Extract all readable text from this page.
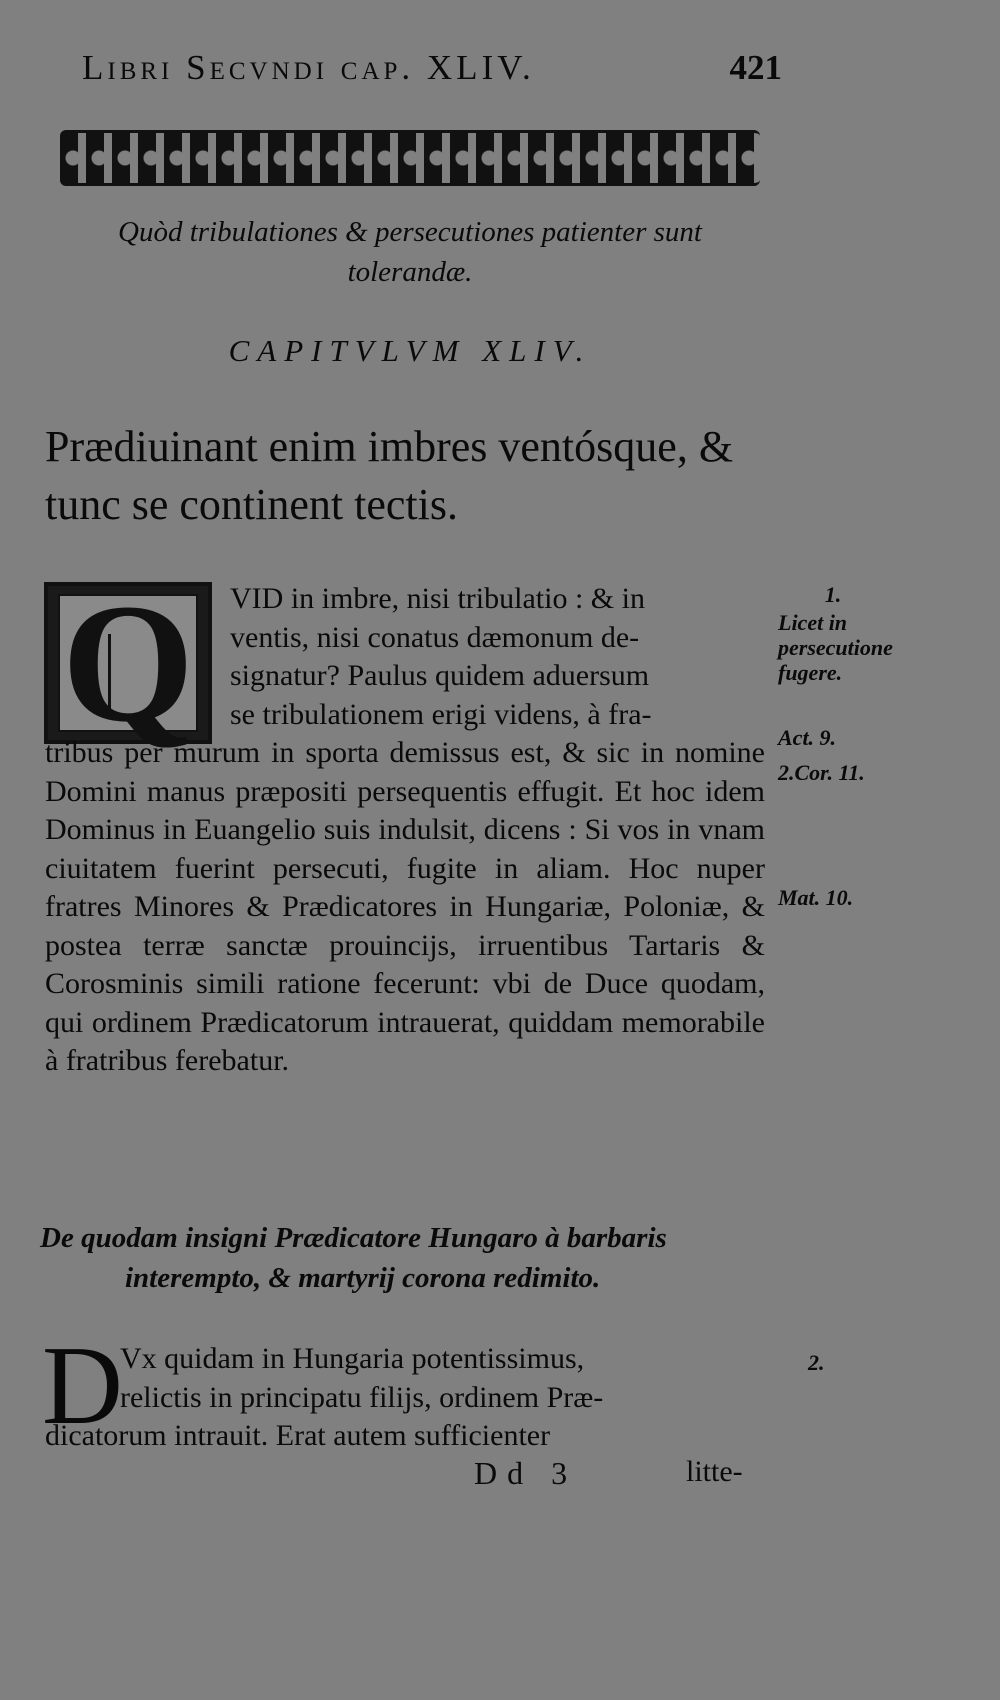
Libri Secvndi cap. XLIV.	421
Quòd tribulationes & persecutiones patienter sunt tolerandæ.
CAPITVLVM XLIV.

Prædiuinant enim imbres ventósque, & tunc se continent tectis.

Q	VID in imbre, nisi tribulatio : & in
ventis, nisi conatus dæmonum de-
signatur? Paulus quidem aduersum
se tribulationem erigi videns, à fra-
tribus per murum in sporta demissus est, & sic in nomine Domini manus præpositi persequentis effugit. Et hoc idem Dominus in Euangelio suis indulsit, dicens : Si vos in vnam ciuitatem fuerint persecuti, fugite in aliam. Hoc nuper fratres Minores & Prædicatores in Hungariæ, Poloniæ, & postea terræ sanctæ prouincijs, irruentibus Tartaris & Corosminis simili ratione fecerunt: vbi de Duce quodam, qui ordinem Prædicatorum intrauerat, quiddam memorabile à fratribus ferebatur.
1.
Licet in persecutione fugere.
Act. 9.
2.Cor. 11.
Mat. 10.
De quodam insigni Prædicatore Hungaro à barbaris
interempto, & martyrij corona redimito.
2.
D
Vx quidam in Hungaria potentissimus,
relictis in principatu filijs, ordinem Præ-
dicatorum intrauit. Erat autem sufficienter
Dd 3	litte-
